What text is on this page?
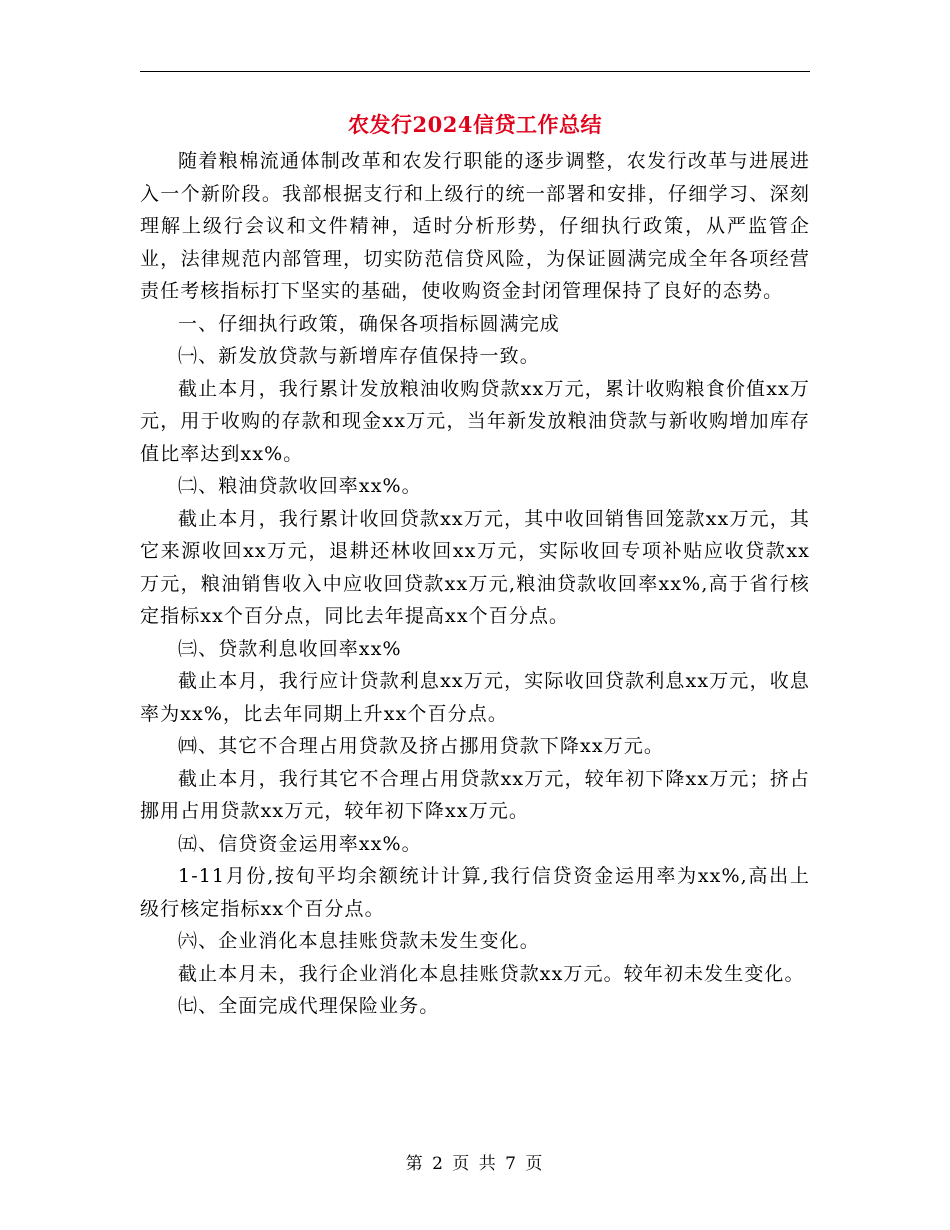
农发行2024信贷工作总结

随着粮棉流通体制改革和农发行职能的逐步调整，农发行改革与进展进入一个新阶段。我部根据支行和上级行的统一部署和安排，仔细学习、深刻理解上级行会议和文件精神，适时分析形势，仔细执行政策，从严监管企业，法律规范内部管理，切实防范信贷风险，为保证圆满完成全年各项经营责任考核指标打下坚实的基础，使收购资金封闭管理保持了良好的态势。

一、仔细执行政策，确保各项指标圆满完成

㈠、新发放贷款与新增库存值保持一致。

截止本月，我行累计发放粮油收购贷款xx万元，累计收购粮食价值xx万元，用于收购的存款和现金xx万元，当年新发放粮油贷款与新收购增加库存值比率达到xx%。

㈡、粮油贷款收回率xx%。

截止本月，我行累计收回贷款xx万元，其中收回销售回笼款xx万元，其它来源收回xx万元，退耕还林收回xx万元，实际收回专项补贴应收贷款xx万元，粮油销售收入中应收回贷款xx万元,粮油贷款收回率xx%,高于省行核定指标xx个百分点，同比去年提高xx个百分点。

㈢、贷款利息收回率xx%

截止本月，我行应计贷款利息xx万元，实际收回贷款利息xx万元，收息率为xx%，比去年同期上升xx个百分点。

㈣、其它不合理占用贷款及挤占挪用贷款下降xx万元。

截止本月，我行其它不合理占用贷款xx万元，较年初下降xx万元；挤占挪用占用贷款xx万元，较年初下降xx万元。

㈤、信贷资金运用率xx%。

1-11月份,按旬平均余额统计计算,我行信贷资金运用率为xx%,高出上级行核定指标xx个百分点。

㈥、企业消化本息挂账贷款未发生变化。

截止本月未，我行企业消化本息挂账贷款xx万元。较年初未发生变化。

㈦、全面完成代理保险业务。

第 2 页 共 7 页
